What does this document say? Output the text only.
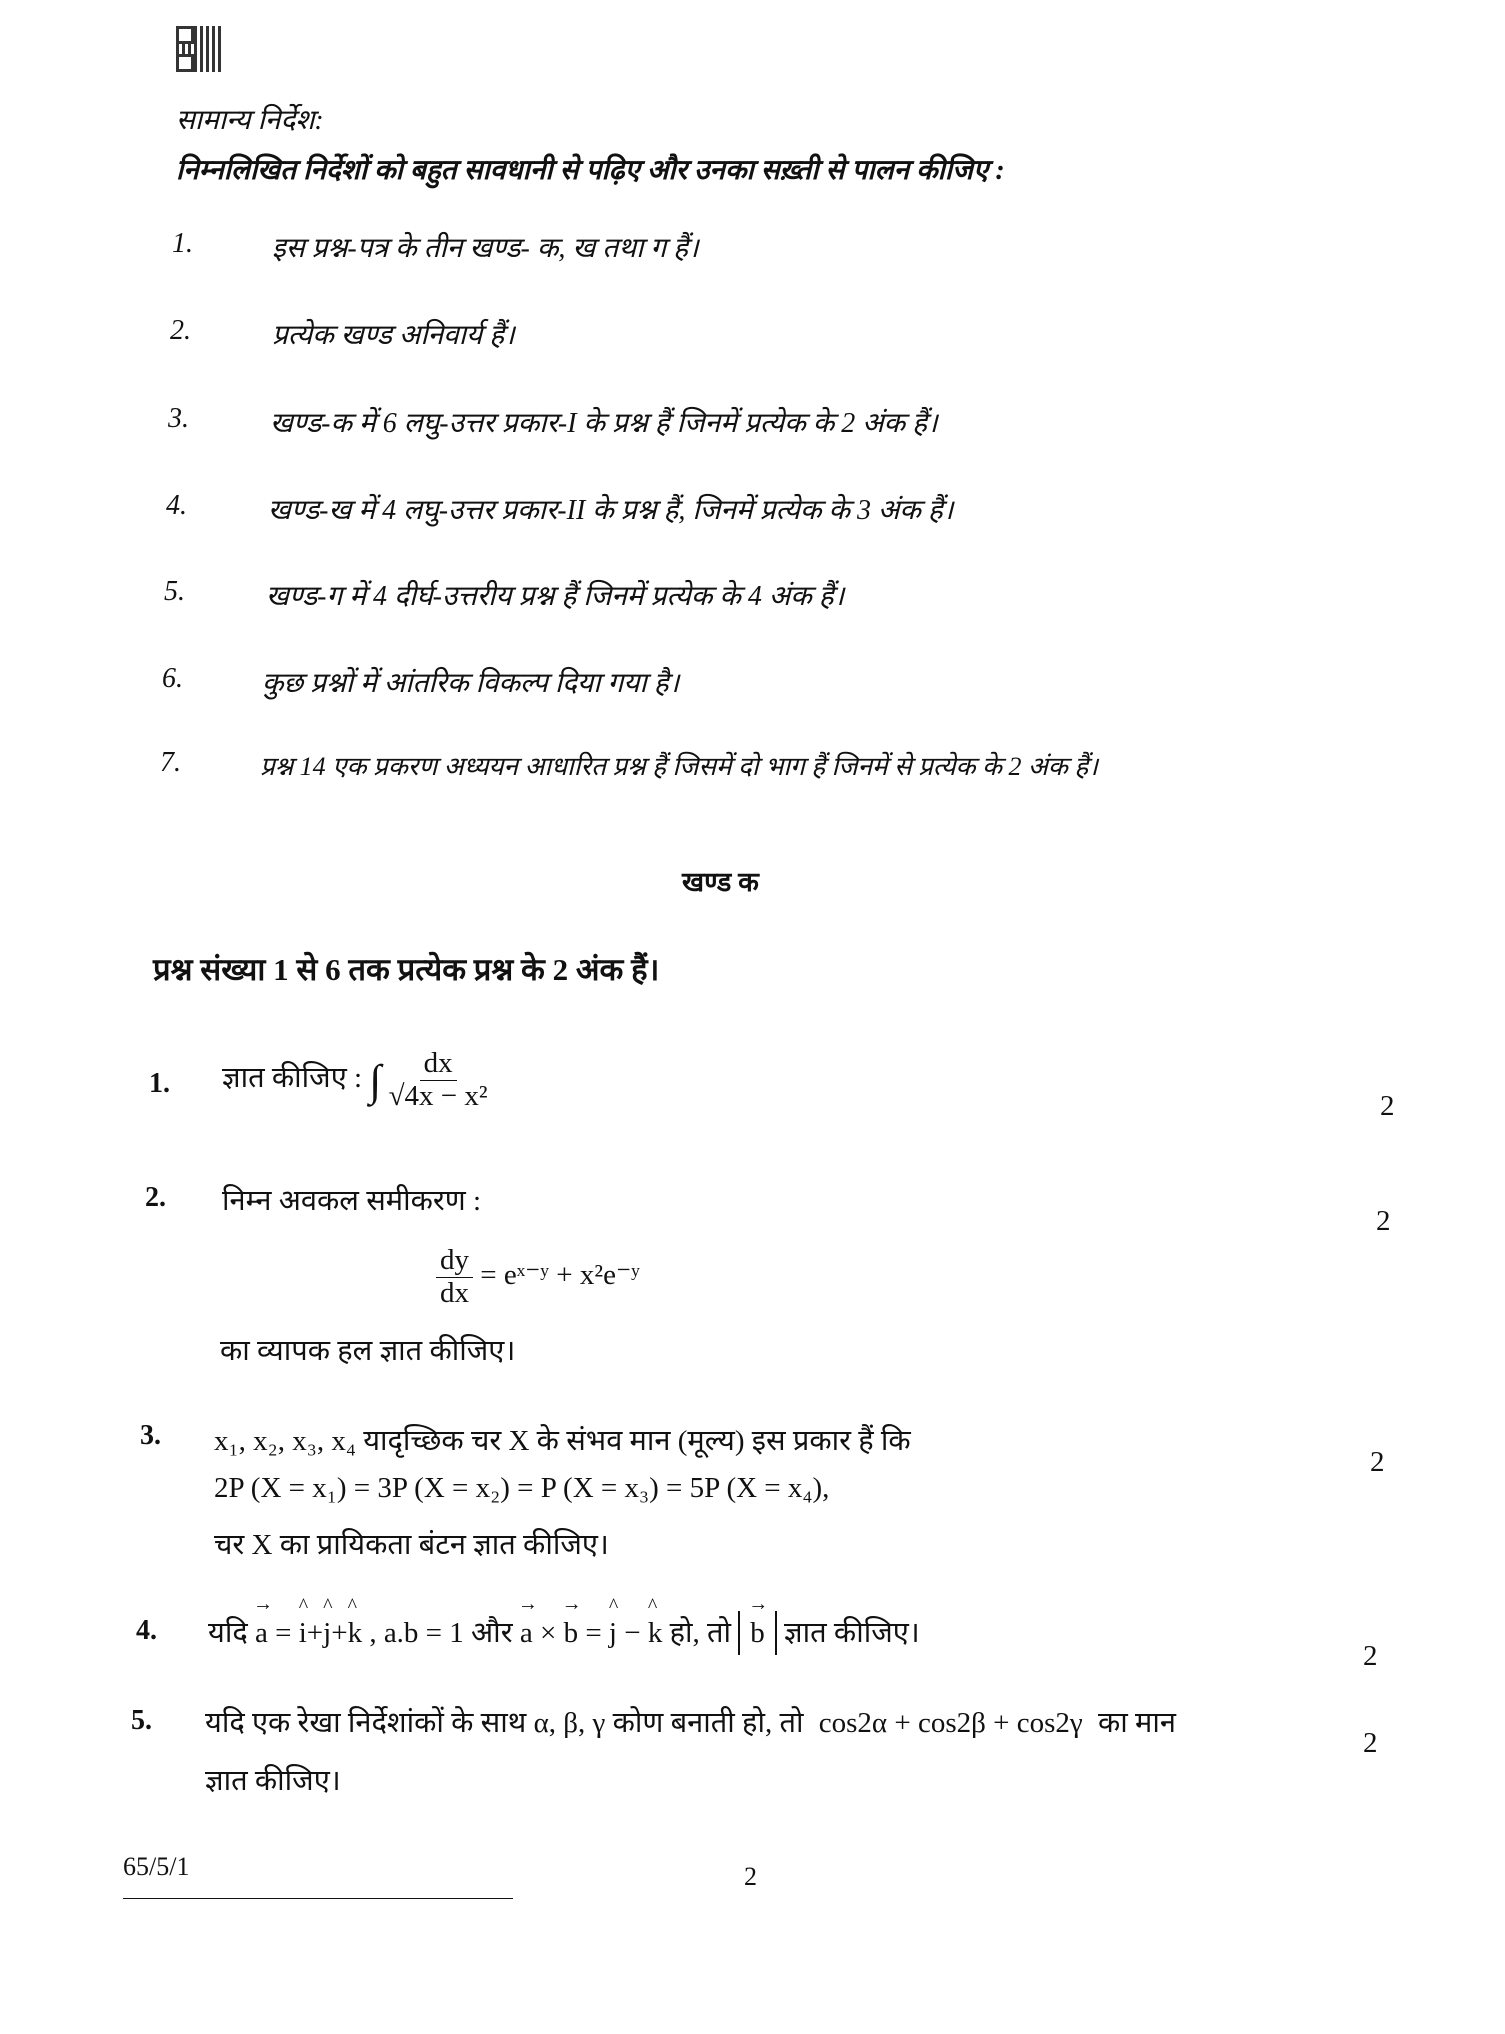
सामान्य निर्देश:
निम्नलिखित निर्देशों को बहुत सावधानी से पढ़िए और उनका सख़्ती से पालन कीजिए :
1.	इस प्रश्न-पत्र के तीन खण्ड- क, ख तथा ग हैं।
2.	प्रत्येक खण्ड अनिवार्य हैं।
3.	खण्ड-क में 6 लघु-उत्तर प्रकार-I के प्रश्न हैं जिनमें प्रत्येक के 2 अंक हैं।
4.	खण्ड-ख में 4 लघु-उत्तर प्रकार-II के प्रश्न हैं, जिनमें प्रत्येक के 3 अंक हैं।
5.	खण्ड-ग में 4 दीर्घ-उत्तरीय प्रश्न हैं जिनमें प्रत्येक के 4 अंक हैं।
6.	कुछ प्रश्नों में आंतरिक विकल्प दिया गया है।
7.	प्रश्न 14 एक प्रकरण अध्ययन आधारित प्रश्न हैं जिसमें दो भाग हैं जिनमें से प्रत्येक के 2 अंक हैं।
खण्ड क
प्रश्न संख्या 1 से 6 तक प्रत्येक प्रश्न के 2 अंक हैं।
1. ज्ञात कीजिए : ∫ $\frac{dx}{\text{√4x − x²}}$	2
2. निम्न अवकल समीकरण :
2
$\frac{dy}{dx}$ = eˣ⁻ʸ + x²e⁻ʸ
का व्यापक हल ज्ञात कीजिए।
3. x₁, x₂, x₃, x₄ यादृच्छिक चर X के संभव मान (मूल्य) इस प्रकार हैं कि
2P (X = x₁) = 3P (X = x₂) = P (X = x₃) = 5P (X = x₄),
चर X का प्रायिकता बंटन ज्ञात कीजिए।
2
4. यदि → a = ^ i+^ j+^ k , a.b = 1 और → a × → b = ^ j − ^ k हो, तो → b ज्ञात कीजिए।
2
5. यदि एक रेखा निर्देशांकों के साथ α, β, γ कोण बनाती हो, तो cos2α + cos2β + cos2γ का मान
ज्ञात कीजिए।
2
65/5/1	2
